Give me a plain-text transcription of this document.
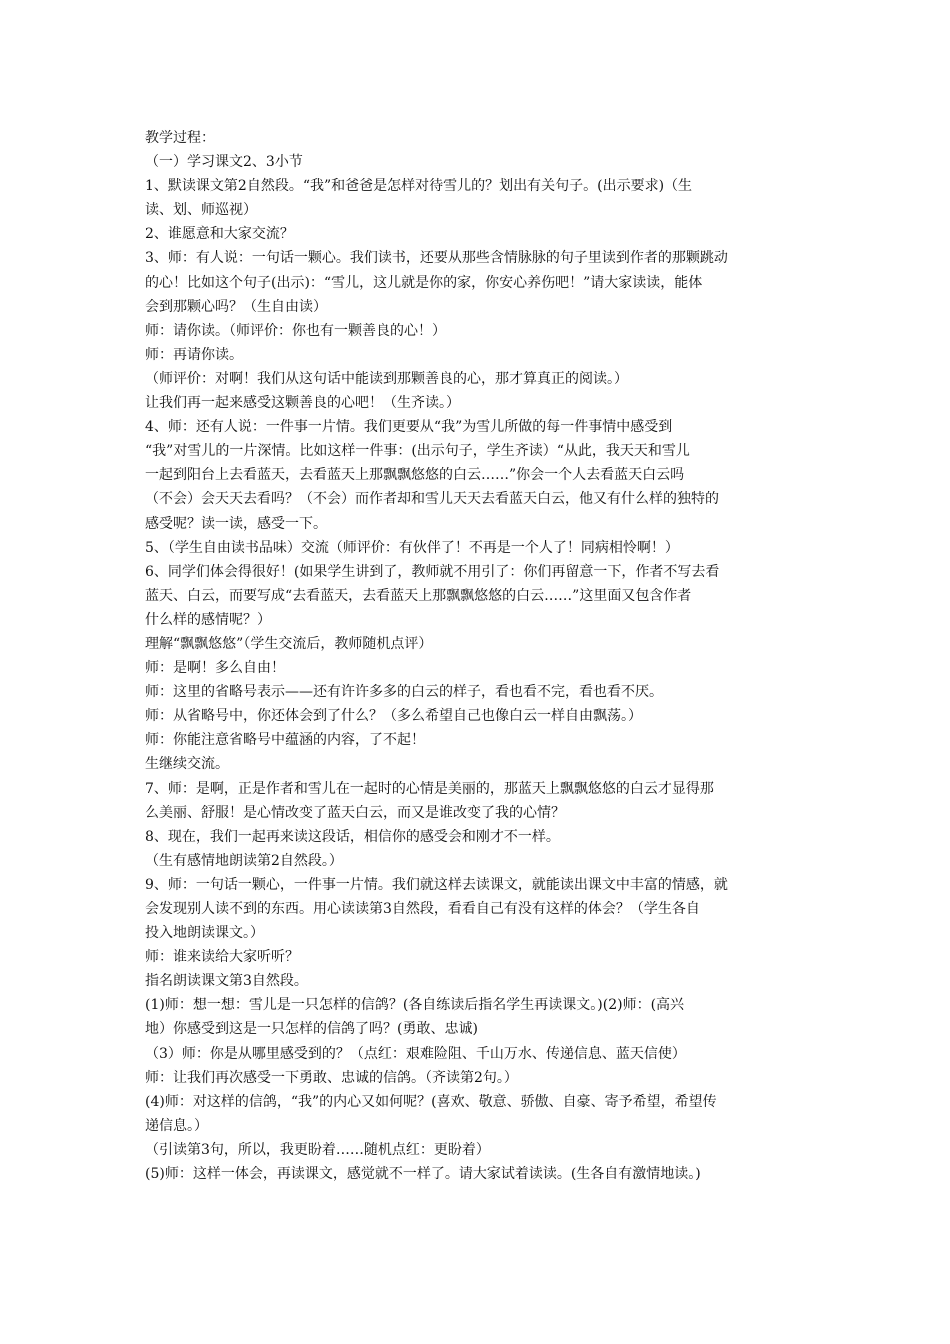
教学过程：
（一）学习课文2、3小节
1、默读课文第2自然段。“我”和爸爸是怎样对待雪儿的？划出有关句子。(出示要求)（生
读、划、师巡视）
2、谁愿意和大家交流？
3、师：有人说：一句话一颗心。我们读书，还要从那些含情脉脉的句子里读到作者的那颗跳动
的心！比如这个句子(出示)：“雪儿，这儿就是你的家，你安心养伤吧！”请大家读读，能体
会到那颗心吗？（生自由读）
师：请你读。（师评价：你也有一颗善良的心！）
师：再请你读。
（师评价：对啊！我们从这句话中能读到那颗善良的心，那才算真正的阅读。）
让我们再一起来感受这颗善良的心吧！（生齐读。）
4、师：还有人说：一件事一片情。我们更要从“我”为雪儿所做的每一件事情中感受到
“我”对雪儿的一片深情。比如这样一件事：(出示句子，学生齐读）“从此，我天天和雪儿
一起到阳台上去看蓝天，去看蓝天上那飘飘悠悠的白云……”你会一个人去看蓝天白云吗
（不会）会天天去看吗？（不会）而作者却和雪儿天天去看蓝天白云，他又有什么样的独特的
感受呢？读一读，感受一下。
5、（学生自由读书品味）交流（师评价：有伙伴了！不再是一个人了！同病相怜啊！）
6、同学们体会得很好！(如果学生讲到了，教师就不用引了：你们再留意一下，作者不写去看
蓝天、白云，而要写成“去看蓝天，去看蓝天上那飘飘悠悠的白云……”这里面又包含作者
什么样的感情呢？）
理解“飘飘悠悠”（学生交流后，教师随机点评）
师：是啊！多么自由！
师：这里的省略号表示——还有许许多多的白云的样子，看也看不完，看也看不厌。
师：从省略号中，你还体会到了什么？（多么希望自己也像白云一样自由飘荡。）
师：你能注意省略号中蕴涵的内容，了不起！
生继续交流。
7、师：是啊，正是作者和雪儿在一起时的心情是美丽的，那蓝天上飘飘悠悠的白云才显得那
么美丽、舒服！是心情改变了蓝天白云，而又是谁改变了我的心情？
8、现在，我们一起再来读这段话，相信你的感受会和刚才不一样。
（生有感情地朗读第2自然段。）
9、师：一句话一颗心，一件事一片情。我们就这样去读课文，就能读出课文中丰富的情感，就
会发现别人读不到的东西。用心读读第3自然段，看看自己有没有这样的体会？（学生各自
投入地朗读课文。）
师：谁来读给大家听听？
指名朗读课文第3自然段。
(1)师：想一想：雪儿是一只怎样的信鸽？(各自练读后指名学生再读课文。)(2)师：(高兴
地）你感受到这是一只怎样的信鸽了吗？(勇敢、忠诚)
（3）师：你是从哪里感受到的？（点红：艰难险阻、千山万水、传递信息、蓝天信使）
师：让我们再次感受一下勇敢、忠诚的信鸽。（齐读第2句。）
(4)师：对这样的信鸽，“我”的内心又如何呢？(喜欢、敬意、骄傲、自豪、寄予希望，希望传
递信息。）
（引读第3句，所以，我更盼着……随机点红：更盼着）
(5)师：这样一体会，再读课文，感觉就不一样了。请大家试着读读。(生各自有激情地读。)
